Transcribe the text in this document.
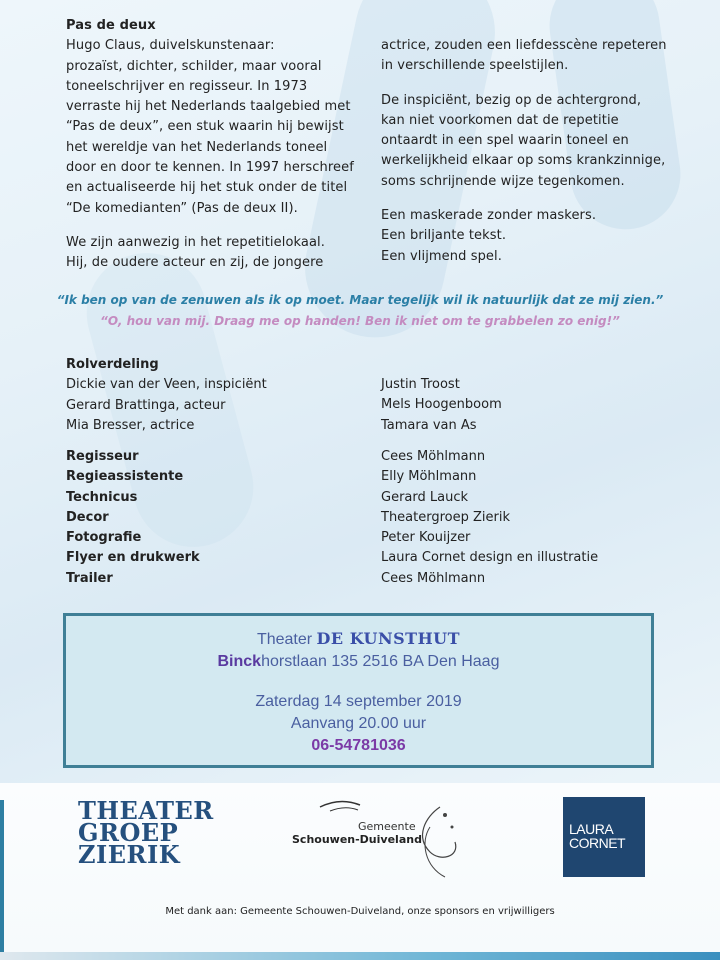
Pas de deux

Hugo Claus, duivelskunstenaar:

prozaïst, dichter, schilder, maar vooral

toneelschrijver en regisseur. In 1973

verraste hij het Nederlands taalgebied met

“Pas de deux”, een stuk waarin hij bewijst

het wereldje van het Nederlands toneel

door en door te kennen. In 1997 herschreef

en actualiseerde hij het stuk onder de titel

“De komedianten” (Pas de deux II).

We zijn aanwezig in het repetitielokaal.

Hij, de oudere acteur en zij, de jongere

actrice, zouden een liefdesscène repeteren

in verschillende speelstijlen.

De inspiciënt, bezig op de achtergrond,

kan niet voorkomen dat de repetitie

ontaardt in een spel waarin toneel en

werkelijkheid elkaar op soms krankzinnige,

soms schrijnende wijze tegenkomen.

Een maskerade zonder maskers.

Een briljante tekst.

Een vlijmend spel.

“Ik ben op van de zenuwen als ik op moet. Maar tegelijk wil ik natuurlijk dat ze mij zien.”
“O, hou van mij. Draag me op handen! Ben ik niet om te grabbelen zo enig!”

Rolverdeling

Dickie van der Veen, inspiciënt

Gerard Brattinga, acteur

Mia Bresser, actrice

Justin Troost

Mels Hoogenboom

Tamara van As

Regisseur

Regieassistente

Technicus

Decor

Fotografie

Flyer en drukwerk

Trailer

Cees Möhlmann

Elly Möhlmann

Gerard Lauck

Theatergroep Zierik

Peter Kouijzer

Laura Cornet design en illustratie

Cees Möhlmann

Theater DE KUNSTHUT

Binckhorstlaan 135 2516 BA Den Haag

Zaterdag 14 september 2019

Aanvang 20.00 uur

06-54781036

THEATER
GROEP
ZIERIK
Gemeente
Schouwen-Duiveland
LAURA
CORNET
Met dank aan: Gemeente Schouwen-Duiveland, onze sponsors en vrijwilligers
